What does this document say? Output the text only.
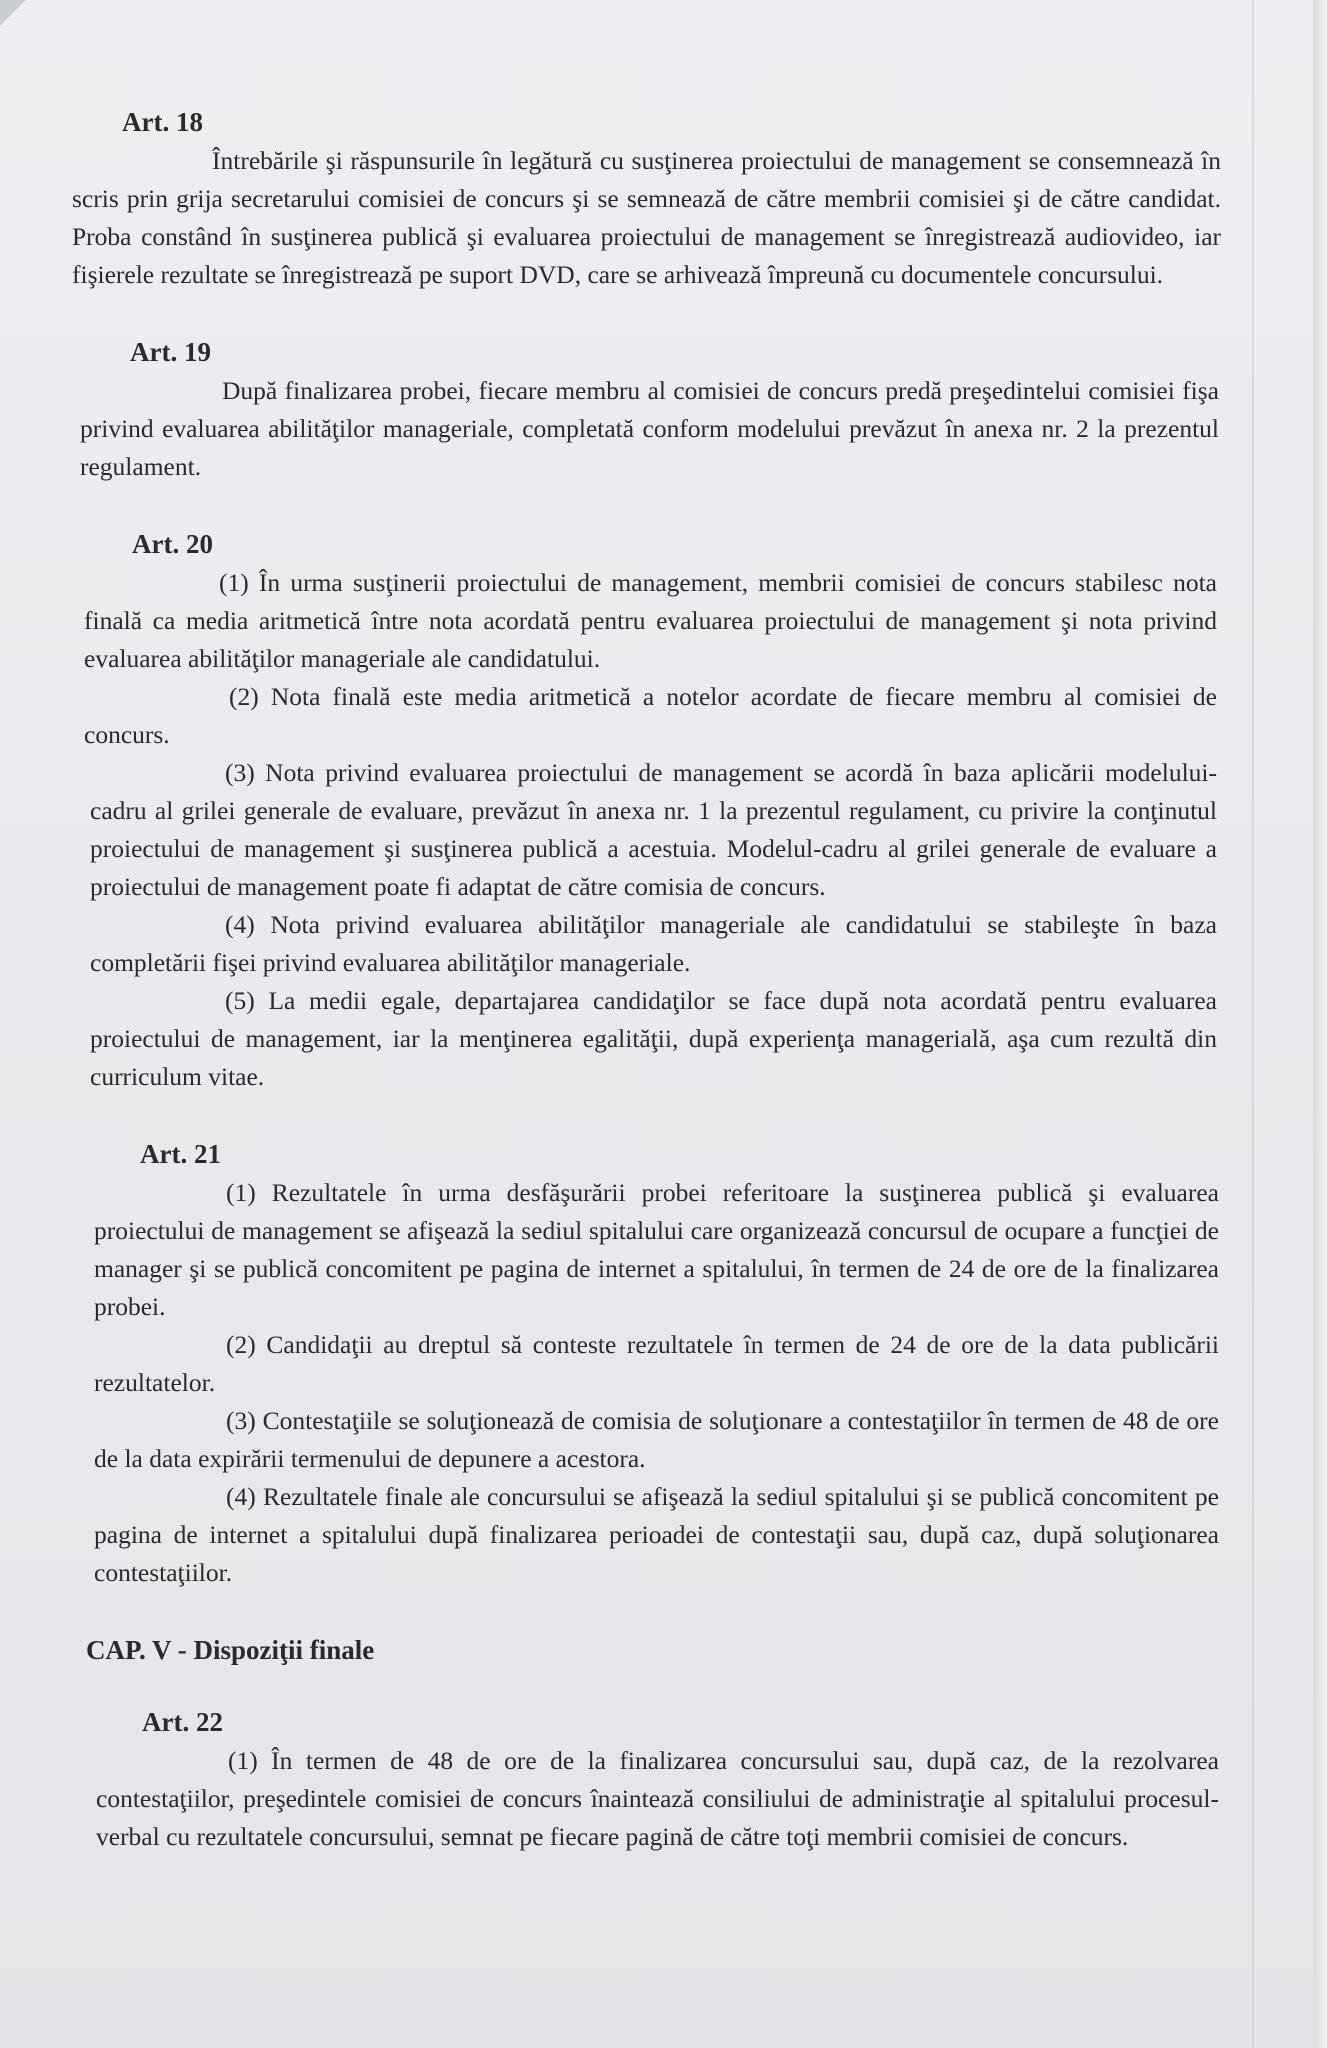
Art. 18

Întrebările şi răspunsurile în legătură cu susţinerea proiectului de management se consemnează în scris prin grija secretarului comisiei de concurs şi se semnează de către membrii comisiei şi de către candidat. Proba constând în susţinerea publică şi evaluarea proiectului de management se înregistrează audiovideo, iar fişierele rezultate se înregistrează pe suport DVD, care se arhivează împreună cu documentele concursului.

Art. 19

După finalizarea probei, fiecare membru al comisiei de concurs predă preşedintelui comisiei fişa privind evaluarea abilităţilor manageriale, completată conform modelului prevăzut în anexa nr. 2 la prezentul regulament.

Art. 20

(1) În urma susţinerii proiectului de management, membrii comisiei de concurs stabilesc nota finală ca media aritmetică între nota acordată pentru evaluarea proiectului de management şi nota privind evaluarea abilităţilor manageriale ale candidatului.

(2) Nota finală este media aritmetică a notelor acordate de fiecare membru al comisiei de concurs.

(3) Nota privind evaluarea proiectului de management se acordă în baza aplicării modelului-cadru al grilei generale de evaluare, prevăzut în anexa nr. 1 la prezentul regulament, cu privire la conţinutul proiectului de management şi susţinerea publică a acestuia. Modelul-cadru al grilei generale de evaluare a proiectului de management poate fi adaptat de către comisia de concurs.

(4) Nota privind evaluarea abilităţilor manageriale ale candidatului se stabileşte în baza completării fişei privind evaluarea abilităţilor manageriale.

(5) La medii egale, departajarea candidaţilor se face după nota acordată pentru evaluarea proiectului de management, iar la menţinerea egalităţii, după experienţa managerială, aşa cum rezultă din curriculum vitae.

Art. 21

(1) Rezultatele în urma desfăşurării probei referitoare la susţinerea publică şi evaluarea proiectului de management se afişează la sediul spitalului care organizează concursul de ocupare a funcţiei de manager şi se publică concomitent pe pagina de internet a spitalului, în termen de 24 de ore de la finalizarea probei.

(2) Candidaţii au dreptul să conteste rezultatele în termen de 24 de ore de la data publicării rezultatelor.

(3) Contestaţiile se soluţionează de comisia de soluţionare a contestaţiilor în termen de 48 de ore de la data expirării termenului de depunere a acestora.

(4) Rezultatele finale ale concursului se afişează la sediul spitalului şi se publică concomitent pe pagina de internet a spitalului după finalizarea perioadei de contestaţii sau, după caz, după soluţionarea contestaţiilor.

CAP. V - Dispoziţii finale
Art. 22

(1) În termen de 48 de ore de la finalizarea concursului sau, după caz, de la rezolvarea contestaţiilor, preşedintele comisiei de concurs înaintează consiliului de administraţie al spitalului procesul-verbal cu rezultatele concursului, semnat pe fiecare pagină de către toţi membrii comisiei de concurs.
